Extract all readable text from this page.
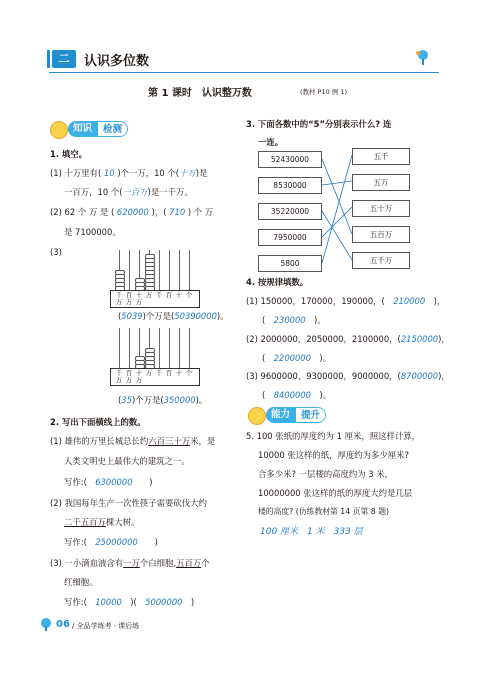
二	认识多位数
第 1 课时　认识整万数	(教材 P10 例 1)
知识	检测
1. 填空。
(1) 十万里有( 10 )个一万，10 个(十万)是
一百万，10 个(一百万)是一千万。
(2) 62 个 万 是 ( 620000 )，( 710 ) 个 万
是 7100000。
(3)
千
万
百
万
十
万
万 千 百 十 个
(5039)个万是(50390000)。
千
万
百
万
十
万
万 千 百 十 个
(35)个万是(350000)。
2. 写出下面横线上的数。
(1) 雄伟的万里长城总长约六百三十万米，是
人类文明史上最伟大的建筑之一。
写作:(　 6300000　　 )
(2) 我国每年生产一次性筷子需要砍伐大约
二千五百万棵大树。
写作:(　 25000000　　 )
(3) 一小滴血液含有一万个白细胞,五百万个
红细胞。
写作:(　 10000　 )(　 5000000　 )
3. 下面各数中的“5”分别表示什么? 连
一连。
52430000
8530000
35220000
7950000
5800
五千
五万
五十万
五百万
五千万
4. 按规律填数。
(1) 150000，170000，190000，(　 210000　 )，
(　 230000　 )。
(2) 2000000，2050000，2100000，(2150000)，
(　 2200000　 )。
(3) 9600000，9300000，9000000，(8700000)，
(　 8400000　 )。
能力	提升
5. 100 张纸的厚度约为 1 厘米，照这样计算，
10000 张这样的纸，厚度约为多少厘米?
合多少米? 一层楼的高度约为 3 米，
10000000 张这样的纸的厚度大约是几层
楼的高度? (仿练教材第 14 页第 8 题)
100 厘米　1 米　333 层
06 / 全品学练考 · 课后练
